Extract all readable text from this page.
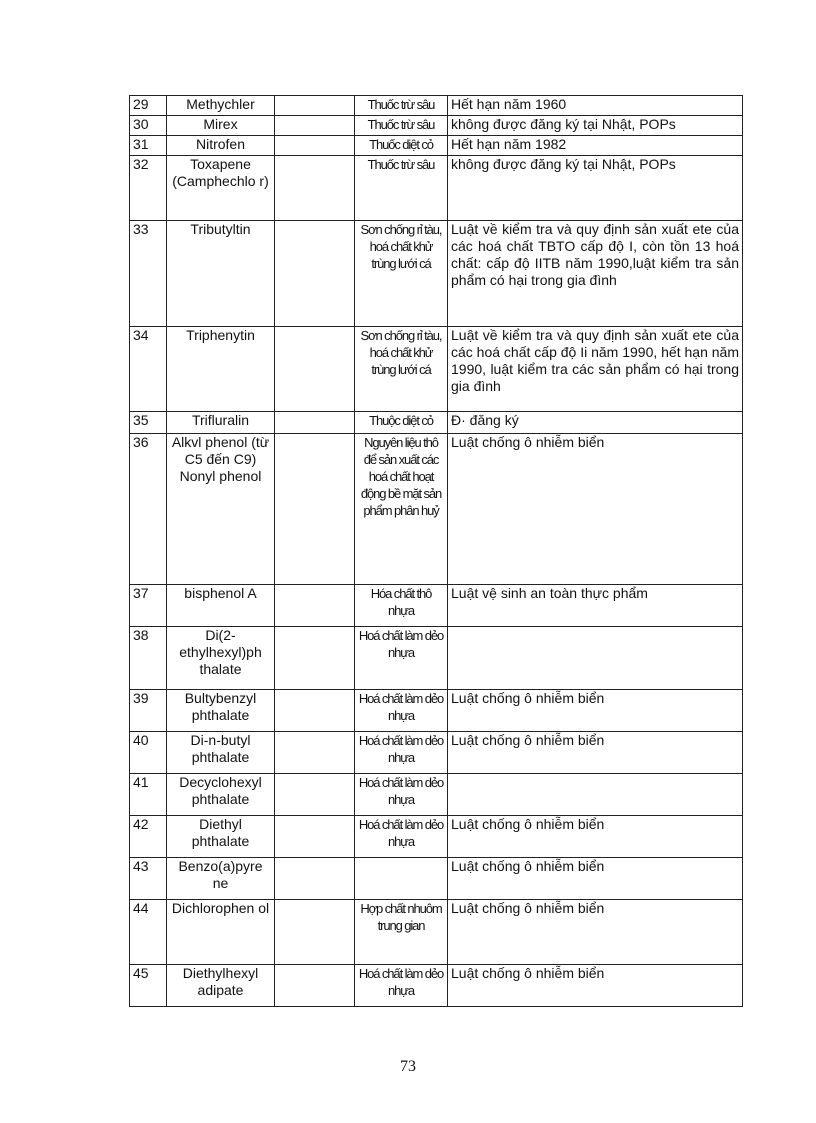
29	Methychler		Thuốc trừ sâu	Hết hạn năm 1960
30	Mirex		Thuốc trừ sâu	không được đăng ký tại Nhật, POPs
31	Nitrofen		Thuốc diệt cỏ	Hết hạn năm 1982
32	Toxapene (Camphechlo r)		Thuốc trừ sâu	không được đăng ký tại Nhật, POPs
33	Tributyltin		Sơn chống rỉ tàu, hoá chất khử trùng lưới cá	Luật về kiểm tra và quy định sản xuất ete của các hoá chất TBTO cấp độ I, còn tồn 13 hoá chất: cấp độ IITB năm 1990,luật kiểm tra sản phẩm có hại trong gia đình
34	Triphenytin		Sơn chống rỉ tàu, hoá chất khử trùng lưới cá	Luật về kiểm tra và quy định sản xuất ete của các hoá chất cấp độ Ii năm 1990, hết hạn năm 1990, luật kiểm tra các sản phẩm có hại trong gia đình
35	Trifluralin		Thuộc diệt cỏ	Đ· đăng ký
36	Alkvl phenol (từ C5 đến C9) Nonyl phenol		Nguyên liệu thô để sản xuất các hoá chất hoạt động bề mặt sản phẩm phân huỷ	Luật chống ô nhiễm biển
37	bisphenol A		Hóa chất thô nhựa	Luật vệ sinh an toàn thực phẩm
38	Di(2-ethylhexyl)ph thalate		Hoá chất làm dẻo nhựa	
39	Bultybenzyl phthalate		Hoá chất làm dẻo nhựa	Luật chống ô nhiễm biển
40	Di-n-butyl phthalate		Hoá chất làm dẻo nhựa	Luật chống ô nhiễm biển
41	Decyclohexyl phthalate		Hoá chất làm dẻo nhựa	
42	Diethyl phthalate		Hoá chất làm dẻo nhựa	Luật chống ô nhiễm biển
43	Benzo(a)pyre ne			Luật chống ô nhiễm biển
44	Dichlorophen ol		Hợp chất nhuôm trung gian	Luật chống ô nhiễm biển
45	Diethylhexyl adipate		Hoá chất làm dẻo nhựa	Luật chống ô nhiễm biển
73
